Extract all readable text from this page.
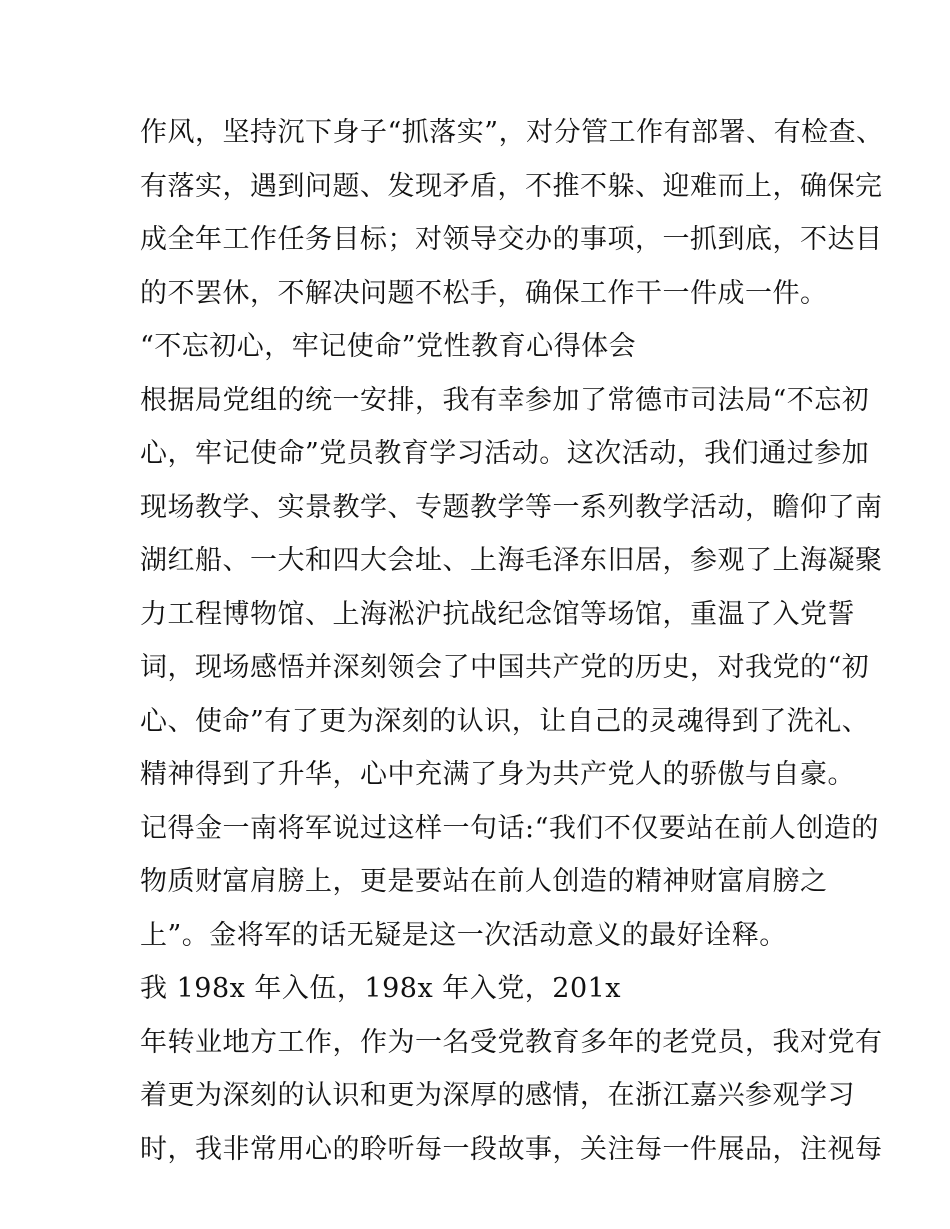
作风，坚持沉下身子“抓落实”，对分管工作有部署、有检查、
有落实，遇到问题、发现矛盾，不推不躲、迎难而上，确保完
成全年工作任务目标；对领导交办的事项，一抓到底，不达目
的不罢休，不解决问题不松手，确保工作干一件成一件。
“不忘初心，牢记使命”党性教育心得体会
根据局党组的统一安排，我有幸参加了常德市司法局“不忘初
心，牢记使命”党员教育学习活动。这次活动，我们通过参加
现场教学、实景教学、专题教学等一系列教学活动，瞻仰了南
湖红船、一大和四大会址、上海毛泽东旧居，参观了上海凝聚
力工程博物馆、上海淞沪抗战纪念馆等场馆，重温了入党誓
词，现场感悟并深刻领会了中国共产党的历史，对我党的“初
心、使命”有了更为深刻的认识，让自己的灵魂得到了洗礼、
精神得到了升华，心中充满了身为共产党人的骄傲与自豪。
记得金一南将军说过这样一句话:“我们不仅要站在前人创造的
物质财富肩膀上，更是要站在前人创造的精神财富肩膀之
上”。金将军的话无疑是这一次活动意义的最好诠释。
我 198x 年入伍，198x 年入党，201x
年转业地方工作，作为一名受党教育多年的老党员，我对党有
着更为深刻的认识和更为深厚的感情，在浙江嘉兴参观学习
时，我非常用心的聆听每一段故事，关注每一件展品，注视每
